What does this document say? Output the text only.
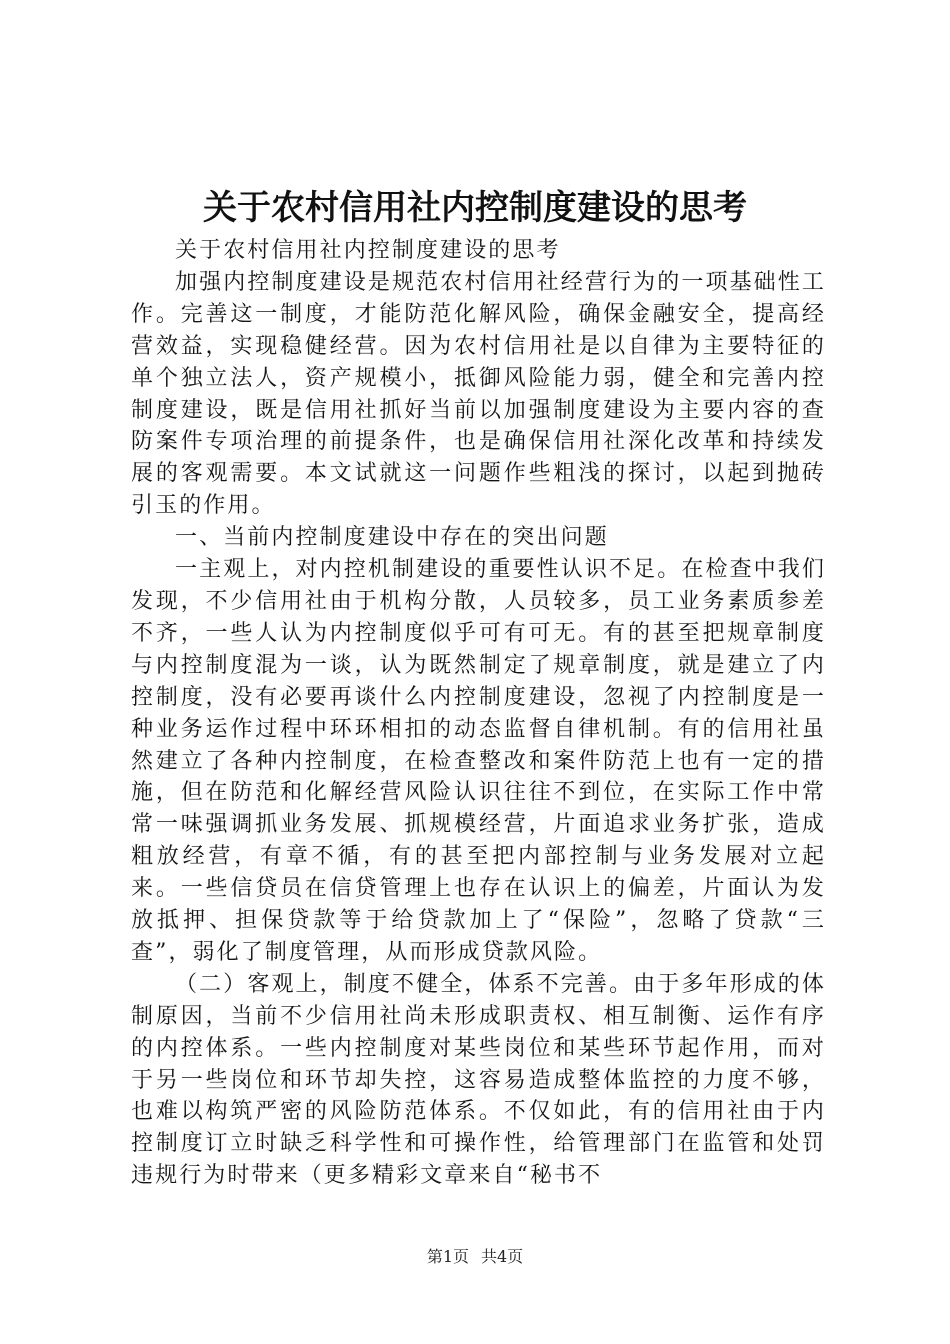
关于农村信用社内控制度建设的思考

关于农村信用社内控制度建设的思考

加强内控制度建设是规范农村信用社经营行为的一项基础性工作。完善这一制度，才能防范化解风险，确保金融安全，提高经营效益，实现稳健经营。因为农村信用社是以自律为主要特征的单个独立法人，资产规模小，抵御风险能力弱，健全和完善内控制度建设，既是信用社抓好当前以加强制度建设为主要内容的查防案件专项治理的前提条件，也是确保信用社深化改革和持续发展的客观需要。本文试就这一问题作些粗浅的探讨，以起到抛砖引玉的作用。

一、当前内控制度建设中存在的突出问题

一主观上，对内控机制建设的重要性认识不足。在检查中我们发现，不少信用社由于机构分散，人员较多，员工业务素质参差不齐，一些人认为内控制度似乎可有可无。有的甚至把规章制度与内控制度混为一谈，认为既然制定了规章制度，就是建立了内控制度，没有必要再谈什么内控制度建设，忽视了内控制度是一种业务运作过程中环环相扣的动态监督自律机制。有的信用社虽然建立了各种内控制度，在检查整改和案件防范上也有一定的措施，但在防范和化解经营风险认识往往不到位，在实际工作中常常一味强调抓业务发展、抓规模经营，片面追求业务扩张，造成粗放经营，有章不循，有的甚至把内部控制与业务发展对立起来。一些信贷员在信贷管理上也存在认识上的偏差，片面认为发放抵押、担保贷款等于给贷款加上了“保险”，忽略了贷款“三查”，弱化了制度管理，从而形成贷款风险。

（二）客观上，制度不健全，体系不完善。由于多年形成的体制原因，当前不少信用社尚未形成职责权、相互制衡、运作有序的内控体系。一些内控制度对某些岗位和某些环节起作用，而对于另一些岗位和环节却失控，这容易造成整体监控的力度不够，也难以构筑严密的风险防范体系。不仅如此，有的信用社由于内控制度订立时缺乏科学性和可操作性，给管理部门在监管和处罚违规行为时带来（更多精彩文章来自“秘书不

第1页 共4页
